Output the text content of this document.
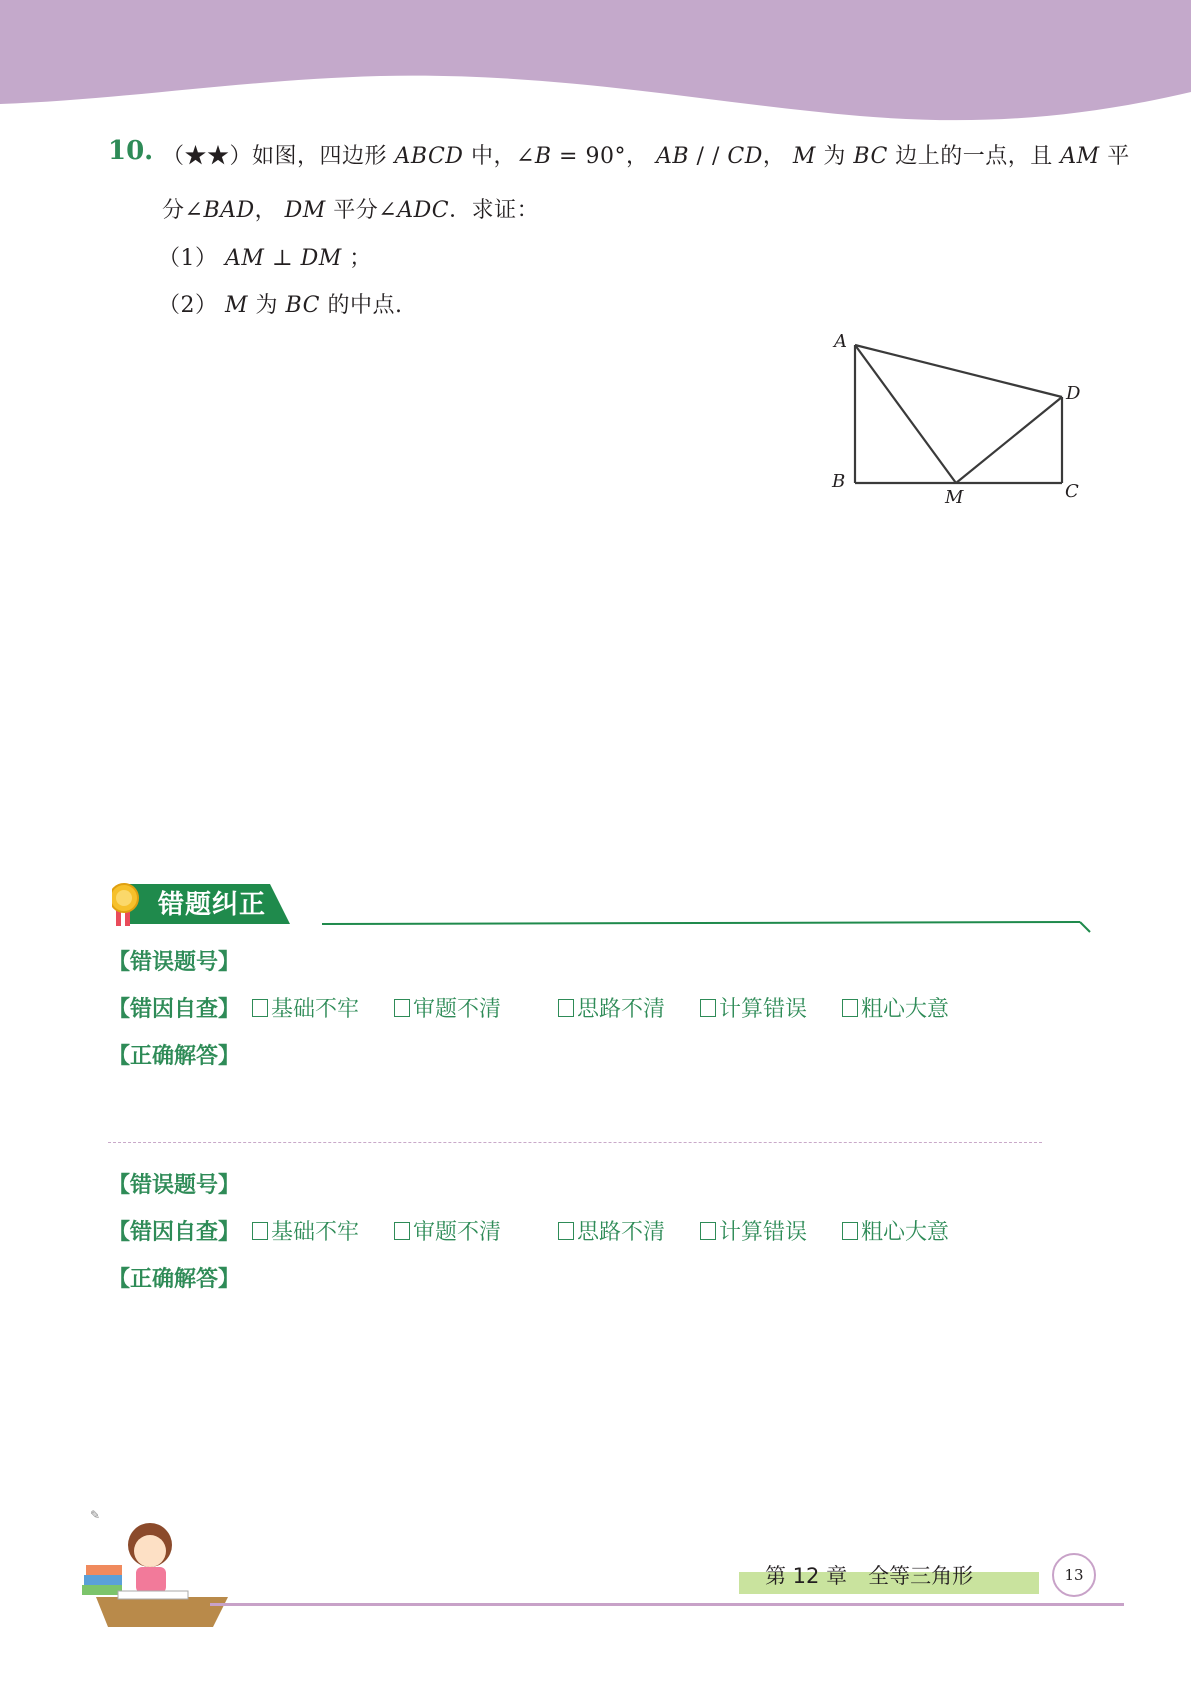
10. （★★）如图，四边形 ABCD 中，∠B = 90°， AB / / CD， M 为 BC 边上的一点，且 AM 平
分∠BAD， DM 平分∠ADC．求证：
（1） AM ⊥ DM ；
（2） M 为 BC 的中点.
A
B	C
D
M
错题纠正
【错误题号】
【错因自查】	基础不牢	审题不清	思路不清	计算错误	粗心大意
【正确解答】
【错误题号】
【错因自查】	基础不牢	审题不清	思路不清	计算错误	粗心大意
【正确解答】
✎
第 12 章　全等三角形	13
